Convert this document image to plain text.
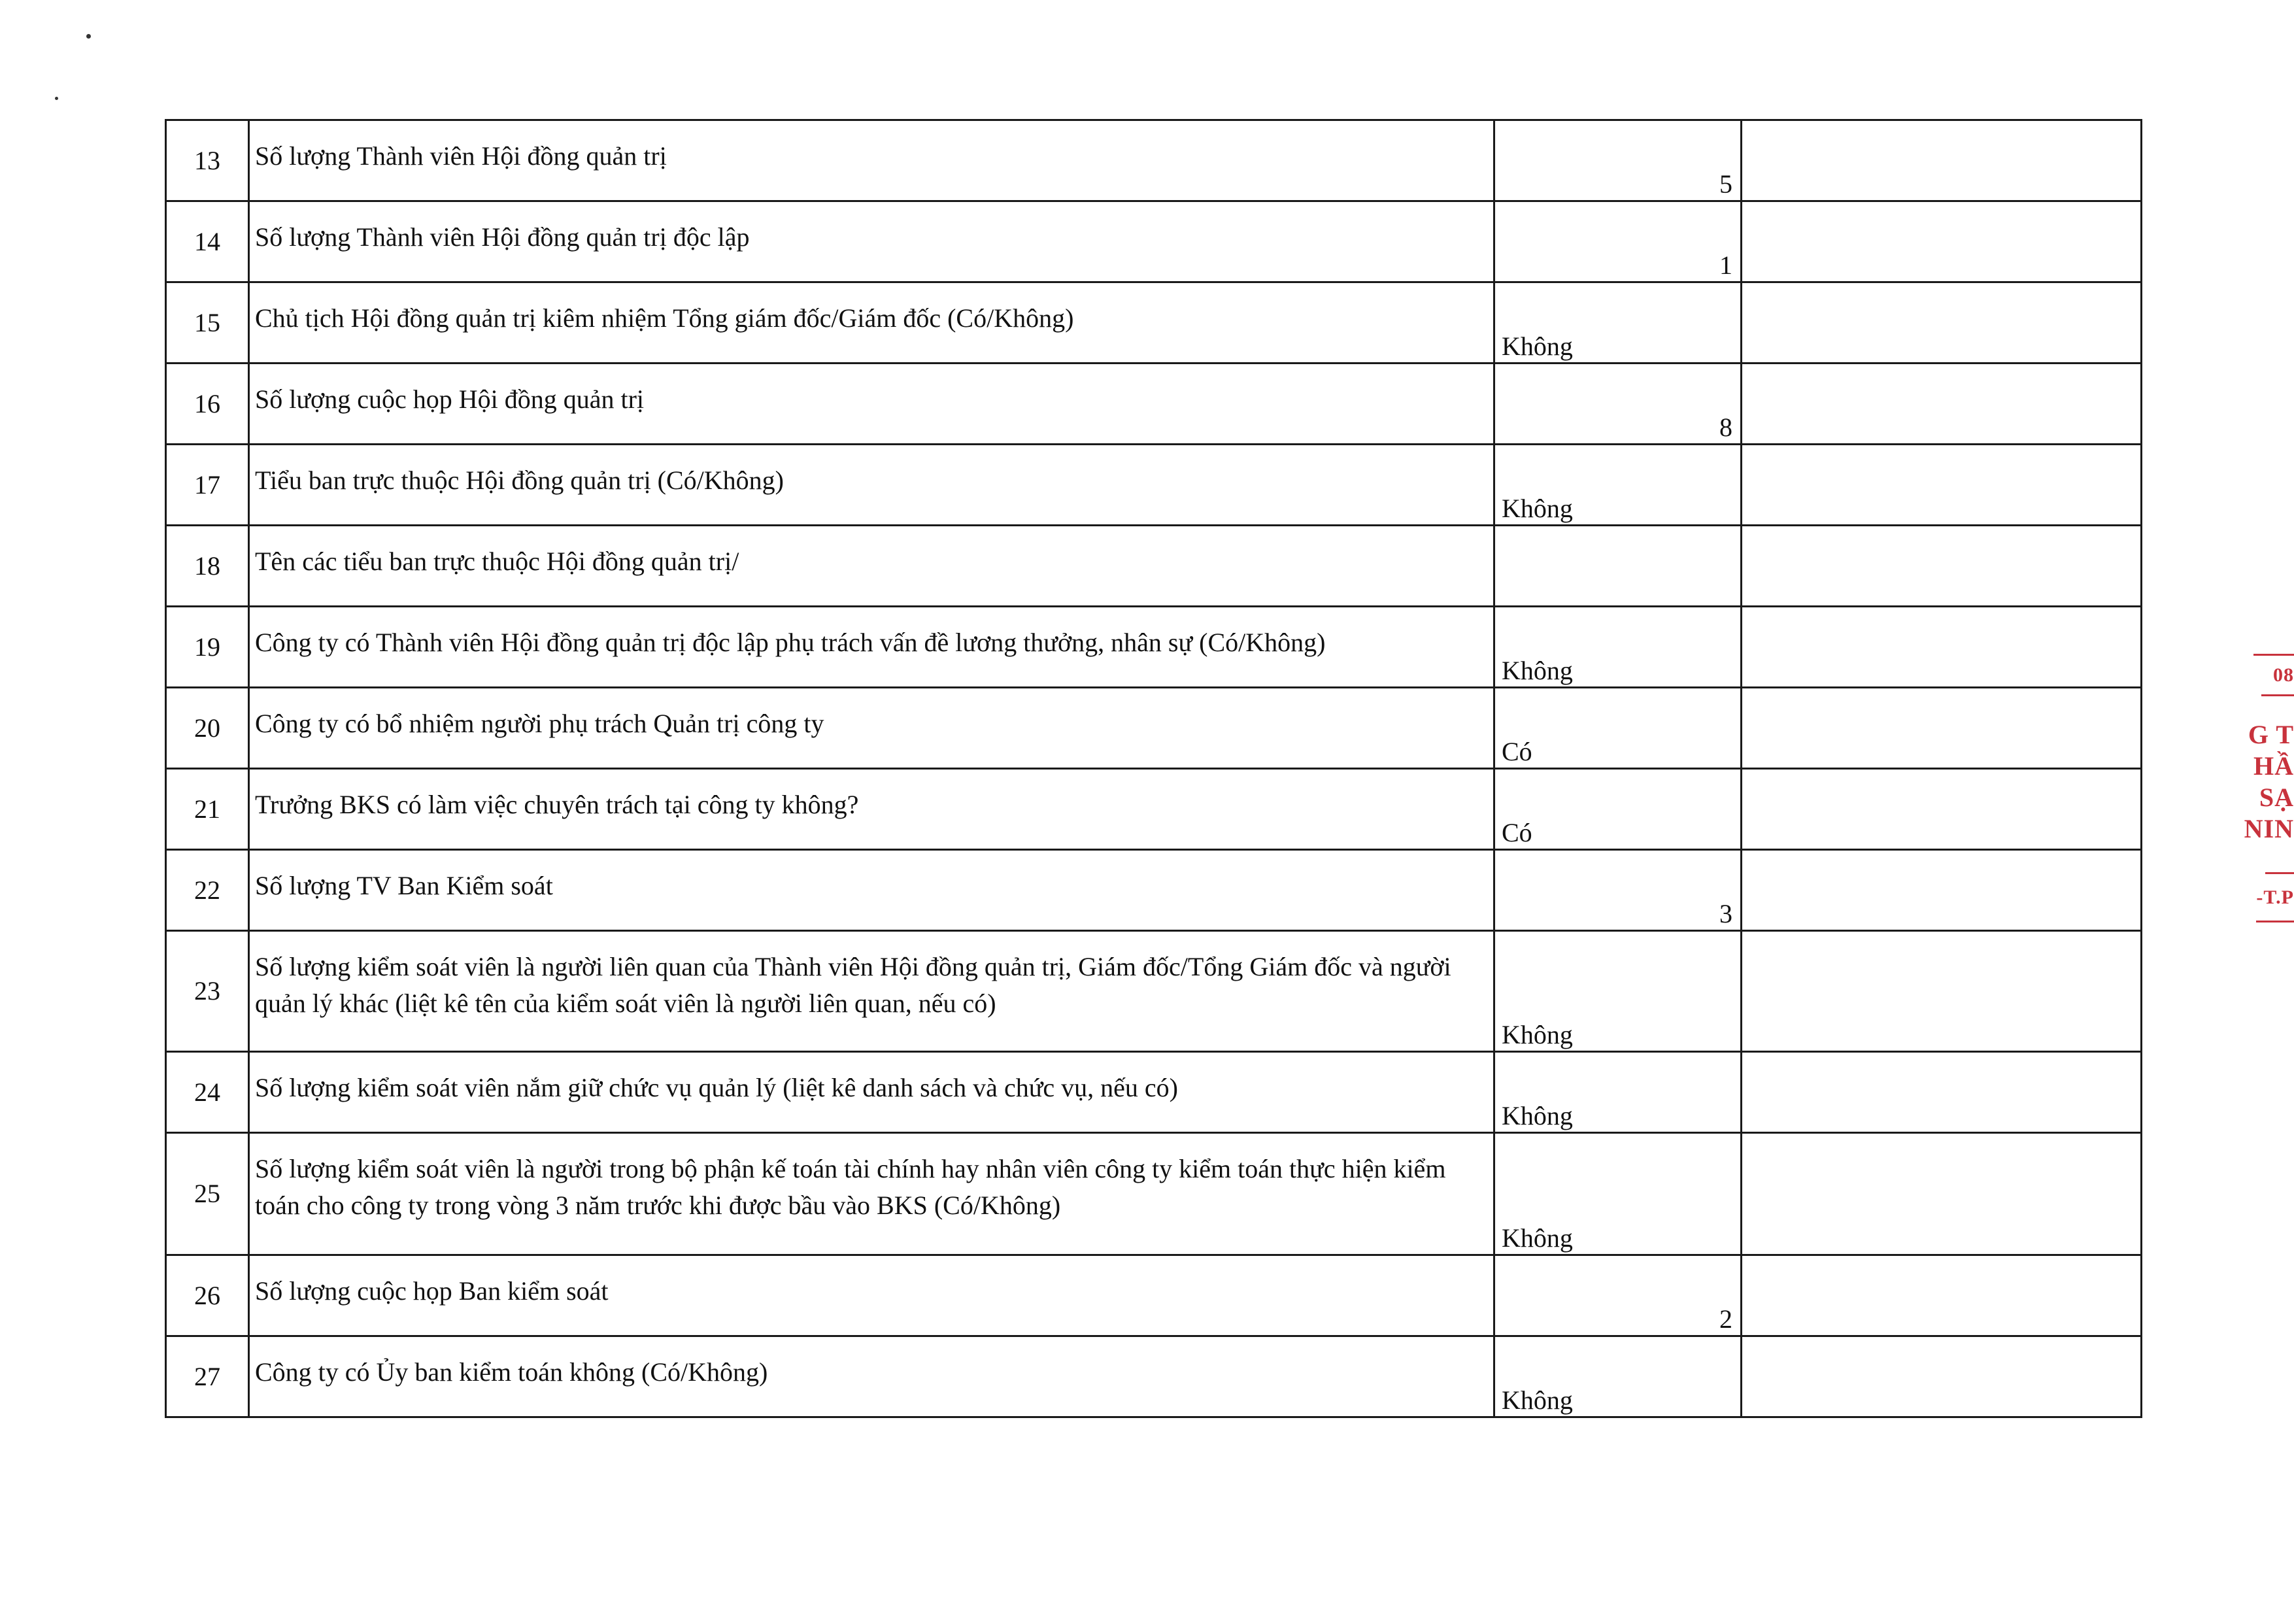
13	Số lượng Thành viên Hội đồng quản trị	5	

14	Số lượng Thành viên Hội đồng quản trị độc lập	1	

15	Chủ tịch Hội đồng quản trị kiêm nhiệm Tổng giám đốc/Giám đốc (Có/Không)	Không	

16	Số lượng cuộc họp Hội đồng quản trị	8	

17	Tiểu ban trực thuộc Hội đồng quản trị (Có/Không)	Không	

18	Tên các tiểu ban trực thuộc Hội đồng quản trị/	

19	Công ty có Thành viên Hội đồng quản trị độc lập phụ trách vấn đề lương thưởng, nhân sự (Có/Không)	Không	

20	Công ty có bổ nhiệm người phụ trách Quản trị công ty	Có	

21	Trưởng BKS có làm việc chuyên trách tại công ty không?	Có	

22	Số lượng TV Ban Kiểm soát	3	

23	Số lượng kiểm soát viên là người liên quan của Thành viên Hội đồng quản trị, Giám đốc/Tổng Giám đốc và người quản lý khác (liệt kê tên của kiểm soát viên là người liên quan, nếu có)	Không	

24	Số lượng kiểm soát viên nắm giữ chức vụ quản lý (liệt kê danh sách và chức vụ, nếu có)	Không	

25	Số lượng kiểm soát viên là người trong bộ phận kế toán tài chính hay nhân viên công ty kiểm toán thực hiện kiểm toán cho công ty trong vòng 3 năm trước khi được bầu vào BKS (Có/Không)	Không	

26	Số lượng cuộc họp Ban kiểm soát	2	

27	Công ty có Ủy ban kiểm toán không (Có/Không)	Không	

08
G T
HẦ
SẠ
NIN
-T.P
